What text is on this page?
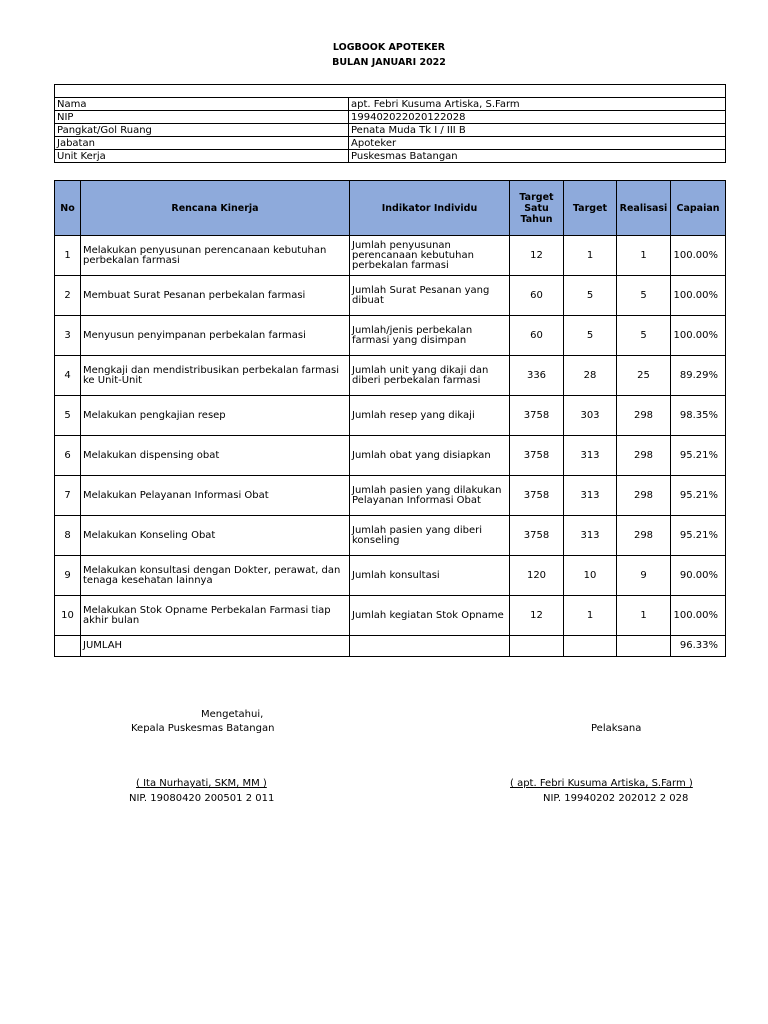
LOGBOOK APOTEKER
BULAN JANUARI 2022

Nama	apt. Febri Kusuma Artiska, S.Farm
NIP	199402022020122028
Pangkat/Gol Ruang	Penata Muda Tk I / III B
Jabatan	Apoteker
Unit Kerja	Puskesmas Batangan
No	Rencana Kinerja	Indikator Individu	Target Satu Tahun	Target	Realisasi	Capaian
1	Melakukan penyusunan perencanaan kebutuhan perbekalan farmasi	Jumlah penyusunan perencanaan kebutuhan perbekalan farmasi	12	1	1	100.00%
2	Membuat Surat Pesanan perbekalan farmasi	Jumlah Surat Pesanan yang dibuat	60	5	5	100.00%
3	Menyusun penyimpanan perbekalan farmasi	Jumlah/jenis perbekalan farmasi yang disimpan	60	5	5	100.00%
4	Mengkaji dan mendistribusikan perbekalan farmasi ke Unit-Unit	Jumlah unit yang dikaji dan diberi perbekalan farmasi	336	28	25	89.29%
5	Melakukan pengkajian resep	Jumlah resep yang dikaji	3758	303	298	98.35%
6	Melakukan dispensing obat	Jumlah obat yang disiapkan	3758	313	298	95.21%
7	Melakukan Pelayanan Informasi Obat	Jumlah pasien yang dilakukan Pelayanan Informasi Obat	3758	313	298	95.21%
8	Melakukan Konseling Obat	Jumlah pasien yang diberi konseling	3758	313	298	95.21%
9	Melakukan konsultasi dengan Dokter, perawat, dan tenaga kesehatan lainnya	Jumlah konsultasi	120	10	9	90.00%
10	Melakukan Stok Opname Perbekalan Farmasi tiap akhir bulan	Jumlah kegiatan Stok Opname	12	1	1	100.00%
	JUMLAH					96.33%
Mengetahui,
Kepala Puskesmas Batangan
( Ita Nurhayati, SKM, MM )
NIP. 19080420 200501 2 011
Pelaksana
( apt. Febri Kusuma Artiska, S.Farm )
NIP. 19940202 202012 2 028
